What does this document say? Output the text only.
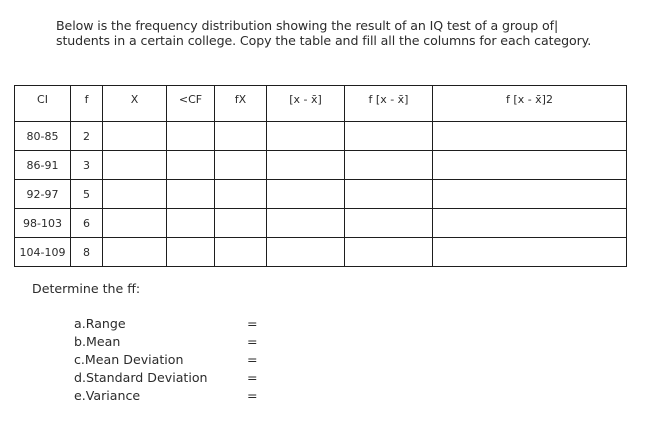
Below is the frequency distribution showing the result of an IQ test of a group of|
students in a certain college. Copy the table and fill all the columns for each category.
CI	f	X	<CF	fX	[x - x̄]	f [x - x̄]	f [x - x̄]2
80-85	2						
86-91	3						
92-97	5						
98-103	6						
104-109	8						
Determine the ff:
a.Range
b.Mean
c.Mean Deviation
d.Standard Deviation
e.Variance
=
=
=
=
=
